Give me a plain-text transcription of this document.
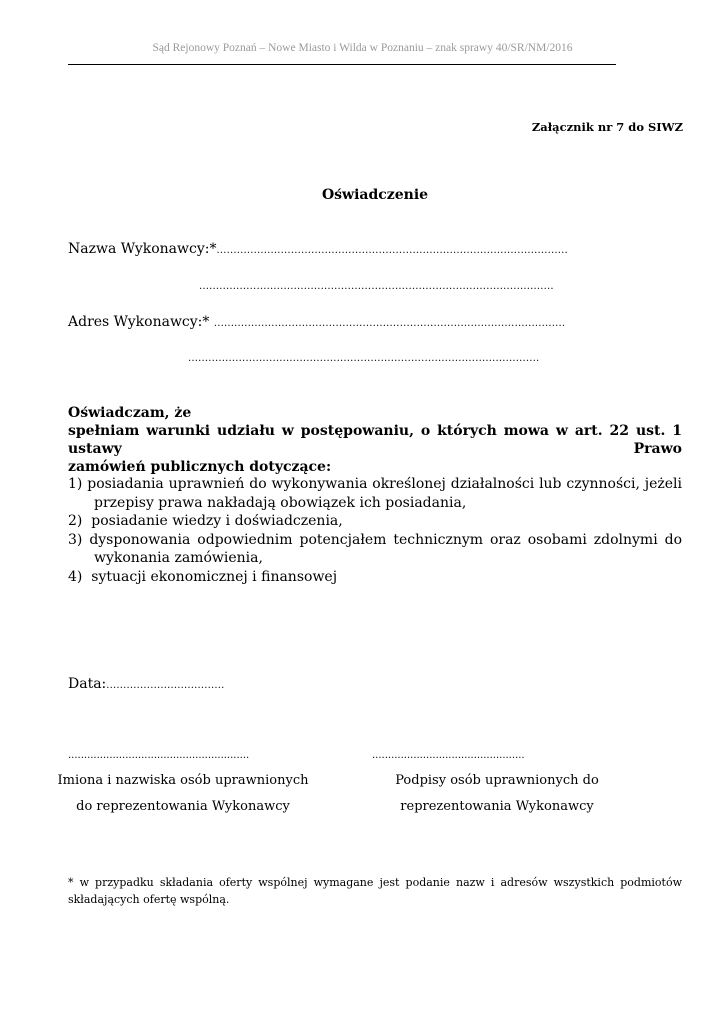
Sąd Rejonowy Poznań – Nowe Miasto i Wilda w Poznaniu – znak sprawy 40/SR/NM/2016
Załącznik nr 7 do SIWZ
Oświadczenie
Nazwa Wykonawcy:*........................................................................................................
.........................................................................................................
Adres Wykonawcy:* ........................................................................................................
........................................................................................................
Oświadczam, że
spełniam warunki udziału w postępowaniu, o których mowa w art. 22 ust. 1 ustawy Prawo
zamówień publicznych dotyczące:
1) posiadania uprawnień do wykonywania określonej działalności lub czynności, jeżeli
przepisy prawa nakładają obowiązek ich posiadania,
2) posiadanie wiedzy i doświadczenia,
3) dysponowania odpowiednim potencjałem technicznym oraz osobami zdolnymi do
wykonania zamówienia,
4) sytuacji ekonomicznej i finansowej
Data:...................................
.........................................................	................................................
Imiona i nazwiska osób uprawnionych
do reprezentowania Wykonawcy
Podpisy osób uprawnionych do
reprezentowania Wykonawcy
* w przypadku składania oferty wspólnej wymagane jest podanie nazw i adresów wszystkich podmiotów
składających ofertę wspólną.
